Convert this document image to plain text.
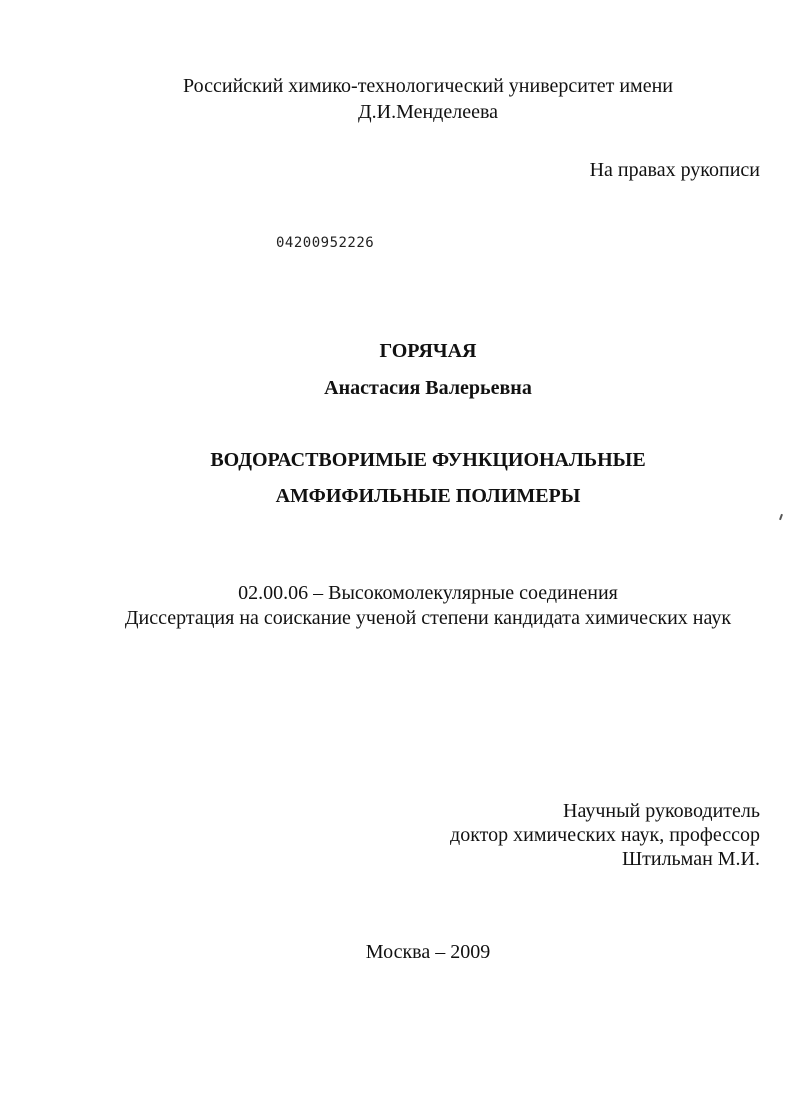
Российский химико-технологический университет имени
Д.И.Менделеева
На правах рукописи
04200952226
ГОРЯЧАЯ
Анастасия Валерьевна
ВОДОРАСТВОРИМЫЕ ФУНКЦИОНАЛЬНЫЕ
АМФИФИЛЬНЫЕ ПОЛИМЕРЫ
02.00.06 – Высокомолекулярные соединения
Диссертация на соискание ученой степени кандидата химических наук
Научный руководитель
доктор химических наук, профессор
Штильман М.И.
Москва – 2009
